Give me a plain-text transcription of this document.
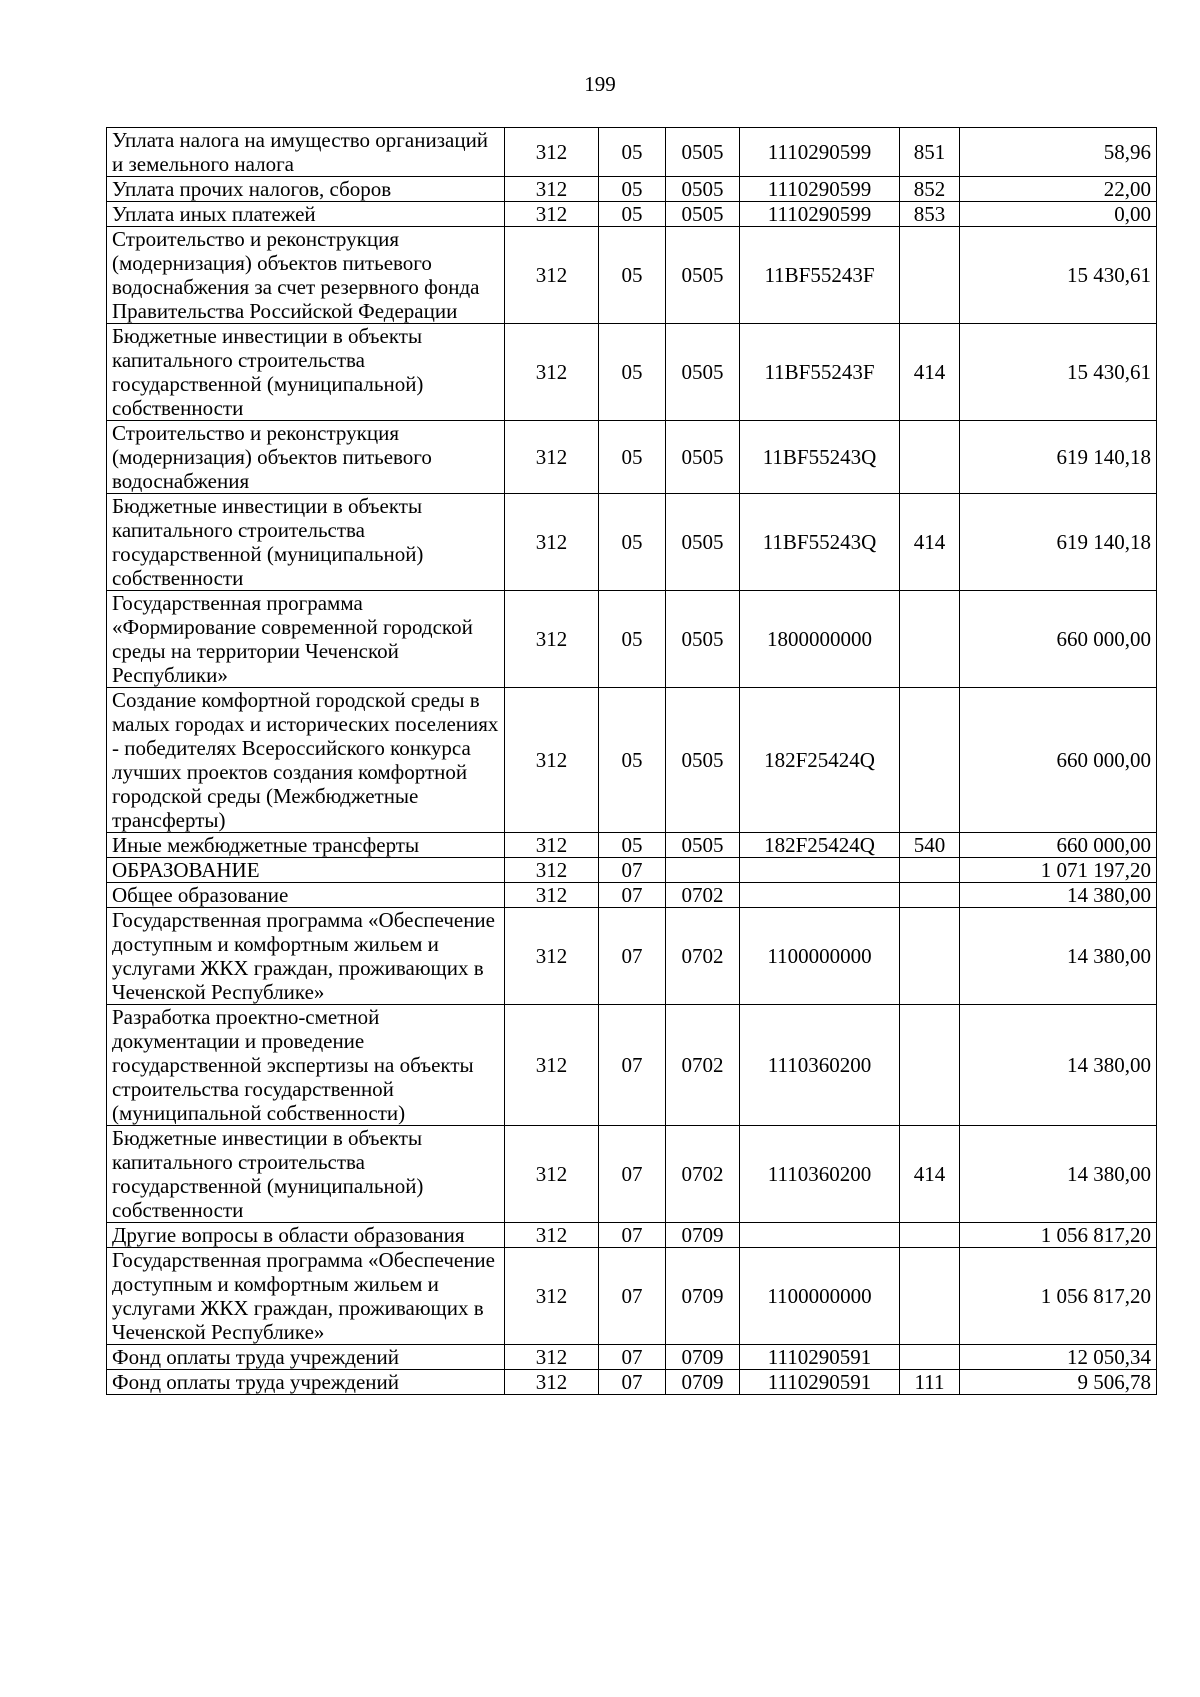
199
Уплата налога на имущество организаций и земельного налога	312	05	0505	1110290599	851	58,96
Уплата прочих налогов, сборов	312	05	0505	1110290599	852	22,00
Уплата иных платежей	312	05	0505	1110290599	853	0,00
Строительство и реконструкция (модернизация) объектов питьевого водоснабжения за счет резервного фонда Правительства Российской Федерации	312	05	0505	11BF55243F		15 430,61
Бюджетные инвестиции в объекты капитального строительства государственной (муниципальной) собственности	312	05	0505	11BF55243F	414	15 430,61
Строительство и реконструкция (модернизация) объектов питьевого водоснабжения	312	05	0505	11BF55243Q		619 140,18
Бюджетные инвестиции в объекты капитального строительства государственной (муниципальной) собственности	312	05	0505	11BF55243Q	414	619 140,18
Государственная программа «Формирование современной городской среды на территории Чеченской Республики»	312	05	0505	1800000000		660 000,00
Создание комфортной городской среды в малых городах и исторических поселениях - победителях Всероссийского конкурса лучших проектов создания комфортной городской среды (Межбюджетные трансферты)	312	05	0505	182F25424Q		660 000,00
Иные межбюджетные трансферты	312	05	0505	182F25424Q	540	660 000,00
ОБРАЗОВАНИЕ	312	07				1 071 197,20
Общее образование	312	07	0702			14 380,00
Государственная программа «Обеспечение доступным и комфортным жильем и услугами ЖКХ граждан, проживающих в Чеченской Республике»	312	07	0702	1100000000		14 380,00
Разработка проектно-сметной документации и проведение государственной экспертизы на объекты строительства государственной (муниципальной собственности)	312	07	0702	1110360200		14 380,00
Бюджетные инвестиции в объекты капитального строительства государственной (муниципальной) собственности	312	07	0702	1110360200	414	14 380,00
Другие вопросы в области образования	312	07	0709			1 056 817,20
Государственная программа «Обеспечение доступным и комфортным жильем и услугами ЖКХ граждан, проживающих в Чеченской Республике»	312	07	0709	1100000000		1 056 817,20
Фонд оплаты труда учреждений	312	07	0709	1110290591		12 050,34
Фонд оплаты труда учреждений	312	07	0709	1110290591	111	9 506,78
